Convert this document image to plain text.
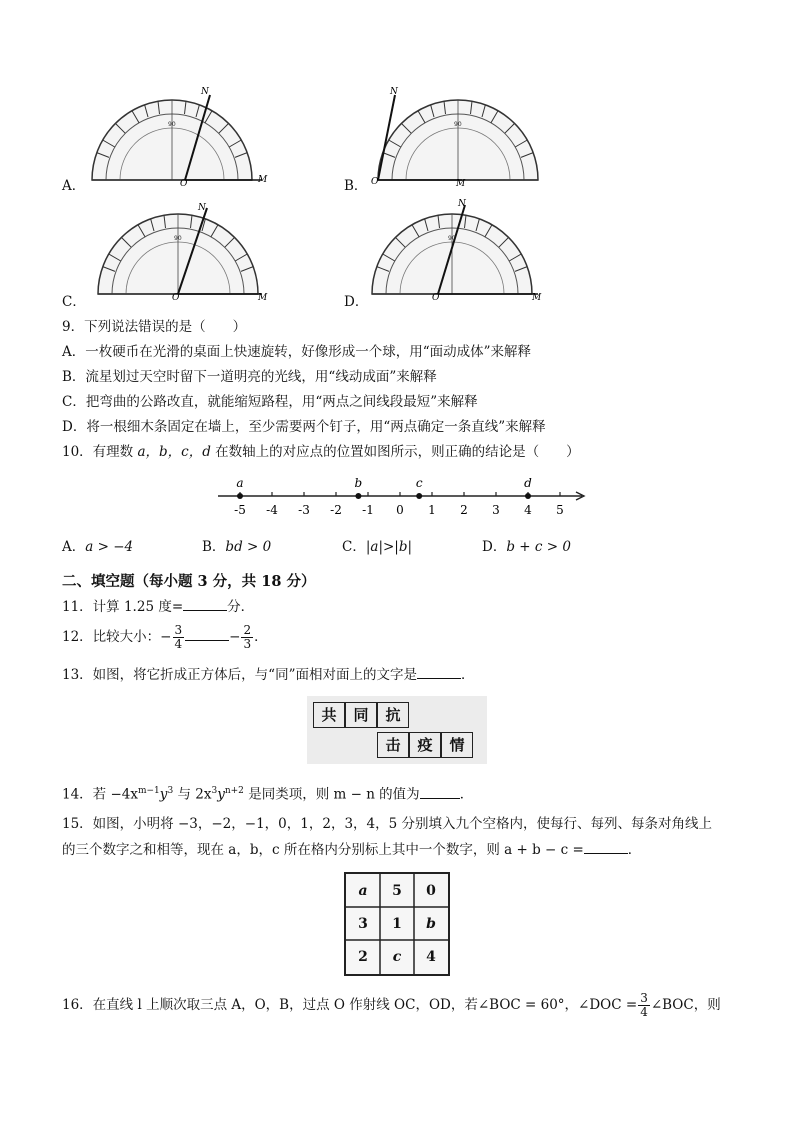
90
N
O	M
N
O	M
N
O	M
N
O	M
A．	B．
C．	D．
9．下列说法错误的是（　　）
A．一枚硬币在光滑的桌面上快速旋转，好像形成一个球，用“面动成体”来解释
B．流星划过天空时留下一道明亮的光线，用“线动成面”来解释
C．把弯曲的公路改直，就能缩短路程，用“两点之间线段最短”来解释
D．将一根细木条固定在墙上，至少需要两个钉子，用“两点确定一条直线”来解释
10．有理数 a，b，c，d 在数轴上的对应点的位置如图所示，则正确的结论是（　　）
-5 -4 -3 -2 -1 0 1 2 3 4 5
a	b	c	d
A．a > −4	B．bd > 0	C．|a|>|b|	D．b + c > 0
二、填空题（每小题 3 分，共 18 分）
11．计算 1.25 度=	分．
12．比较大小：− $\frac{3}{4}$	− $\frac{2}{3}$ ．
13．如图，将它折成正方体后，与“同”面相对面上的文字是	．
共	同	抗
击	疫	情
14．若 $-4x^{m-1}y^3$ 与 $2x^3y^{n+2}$ 是同类项，则 m − n 的值为	．
15．如图，小明将 −3，−2，−1，0，1，2，3，4，5 分别填入九个空格内，使每行、每列、每条对角线上
的三个数字之和相等，现在 a，b，c 所在格内分别标上其中一个数字，则 a + b − c =	．
a	5	0
3	1	b
2	c	4
16．在直线 l 上顺次取三点 A，O，B，过点 O 作射线 OC，OD，若∠BOC = 60°，∠DOC = $\frac{3}{4}$ ∠BOC，则
